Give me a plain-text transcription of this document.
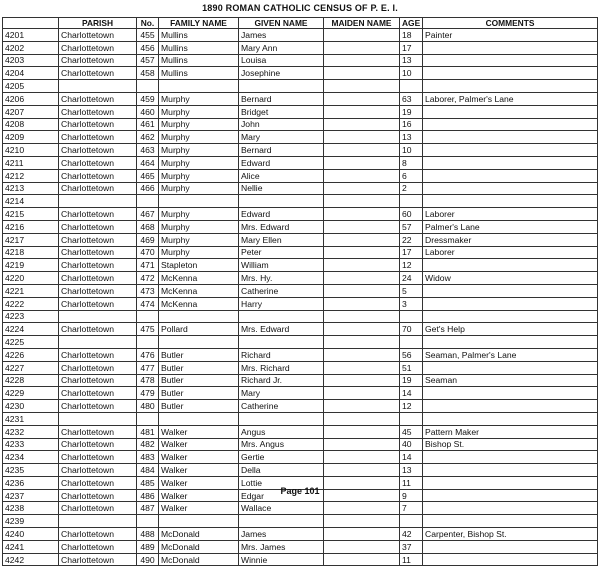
1890 ROMAN CATHOLIC CENSUS OF P. E. I.
	PARISH	No.	FAMILY NAME	GIVEN NAME	MAIDEN NAME	AGE	COMMENTS
4201	Charlottetown	455	Mullins	James		18	Painter
4202	Charlottetown	456	Mullins	Mary Ann		17	
4203	Charlottetown	457	Mullins	Louisa		13	
4204	Charlottetown	458	Mullins	Josephine		10	
4205							
4206	Charlottetown	459	Murphy	Bernard		63	Laborer, Palmer's Lane
4207	Charlottetown	460	Murphy	Bridget		19	
4208	Charlottetown	461	Murphy	John		16	
4209	Charlottetown	462	Murphy	Mary		13	
4210	Charlottetown	463	Murphy	Bernard		10	
4211	Charlottetown	464	Murphy	Edward		8	
4212	Charlottetown	465	Murphy	Alice		6	
4213	Charlottetown	466	Murphy	Nellie		2	
4214							
4215	Charlottetown	467	Murphy	Edward		60	Laborer
4216	Charlottetown	468	Murphy	Mrs. Edward		57	Palmer's Lane
4217	Charlottetown	469	Murphy	Mary Ellen		22	Dressmaker
4218	Charlottetown	470	Murphy	Peter		17	Laborer
4219	Charlottetown	471	Stapleton	William		12	
4220	Charlottetown	472	McKenna	Mrs. Hy.		24	Widow
4221	Charlottetown	473	McKenna	Catherine		5	
4222	Charlottetown	474	McKenna	Harry		3	
4223							
4224	Charlottetown	475	Pollard	Mrs. Edward		70	Get's Help
4225							
4226	Charlottetown	476	Butler	Richard		56	Seaman, Palmer's Lane
4227	Charlottetown	477	Butler	Mrs. Richard		51	
4228	Charlottetown	478	Butler	Richard Jr.		19	Seaman
4229	Charlottetown	479	Butler	Mary		14	
4230	Charlottetown	480	Butler	Catherine		12	
4231							
4232	Charlottetown	481	Walker	Angus		45	Pattern Maker
4233	Charlottetown	482	Walker	Mrs. Angus		40	Bishop St.
4234	Charlottetown	483	Walker	Gertie		14	
4235	Charlottetown	484	Walker	Della		13	
4236	Charlottetown	485	Walker	Lottie		11	
4237	Charlottetown	486	Walker	Edgar		9	
4238	Charlottetown	487	Walker	Wallace		7	
4239							
4240	Charlottetown	488	McDonald	James		42	Carpenter, Bishop St.
4241	Charlottetown	489	McDonald	Mrs. James		37	
4242	Charlottetown	490	McDonald	Winnie		11	
Page 101
